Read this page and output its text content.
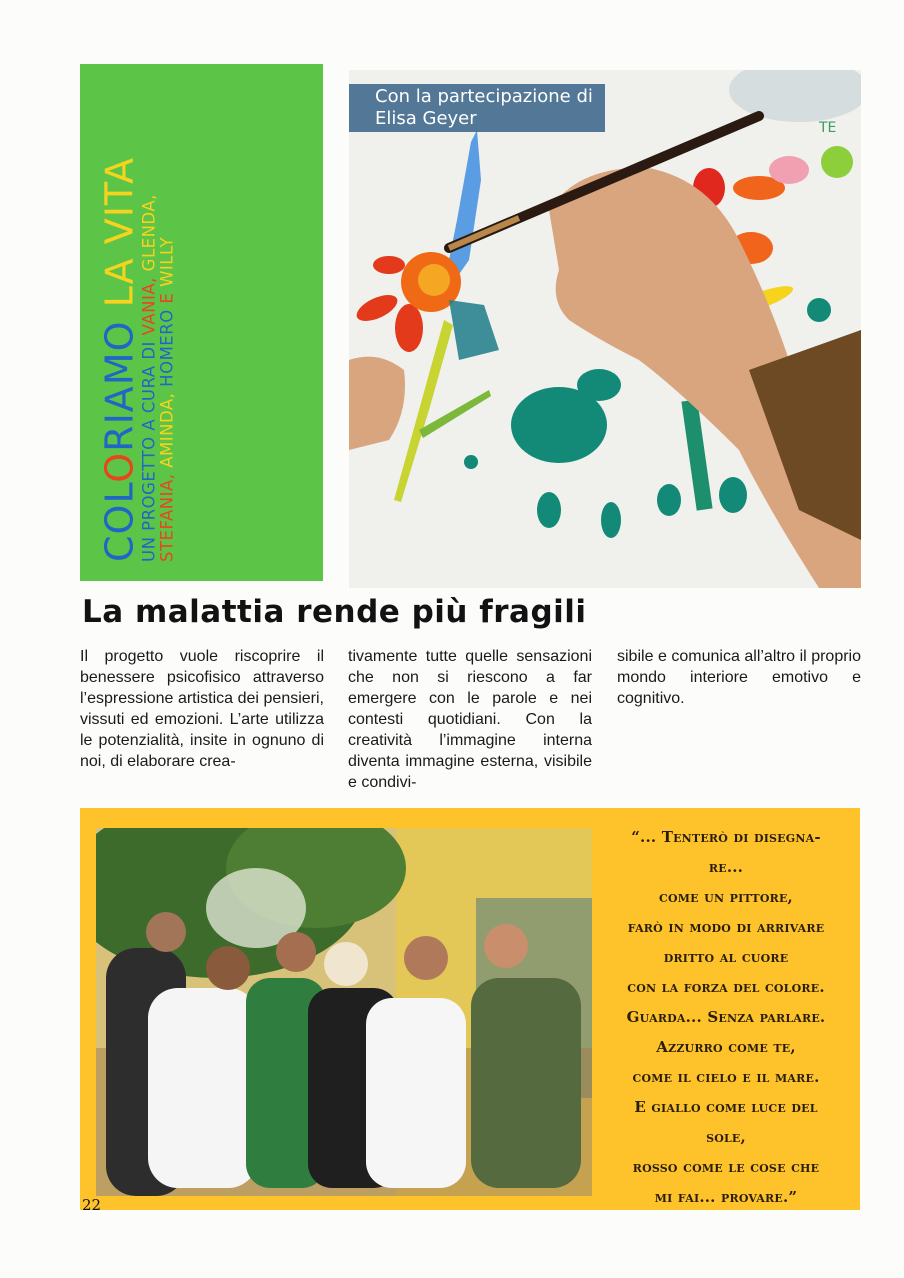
COLORIAMO LA VITA
UN PROGETTO A CURA DI VANIA, GLENDA,
STEFANIA, AMINDA, HOMERO E WILLY
TE
Con la partecipazione di
Elisa Geyer
La malattia rende più fragili
Il progetto vuole riscoprire il benessere psicofisico attraverso l’espressione artistica dei pensieri, vissuti ed emozioni. L’arte utilizza le potenzialità, insite in ognuno di noi, di elaborare crea-
tivamente tutte quelle sensazioni che non si riescono a far emergere con le parole e nei contesti quotidiani. Con la creatività l’immagine interna diventa immagine esterna, visibile e condivi-
sibile e comunica all’altro il proprio mondo interiore emotivo e cognitivo.
“... Tenterò di disegna-
re...
come un pittore,
farò in modo di arrivare
dritto al cuore
con la forza del colore.
Guarda... Senza parlare.
Azzurro come te,
come il cielo e il mare.
E giallo come luce del
sole,
rosso come le cose che
mi fai... provare.”
22
